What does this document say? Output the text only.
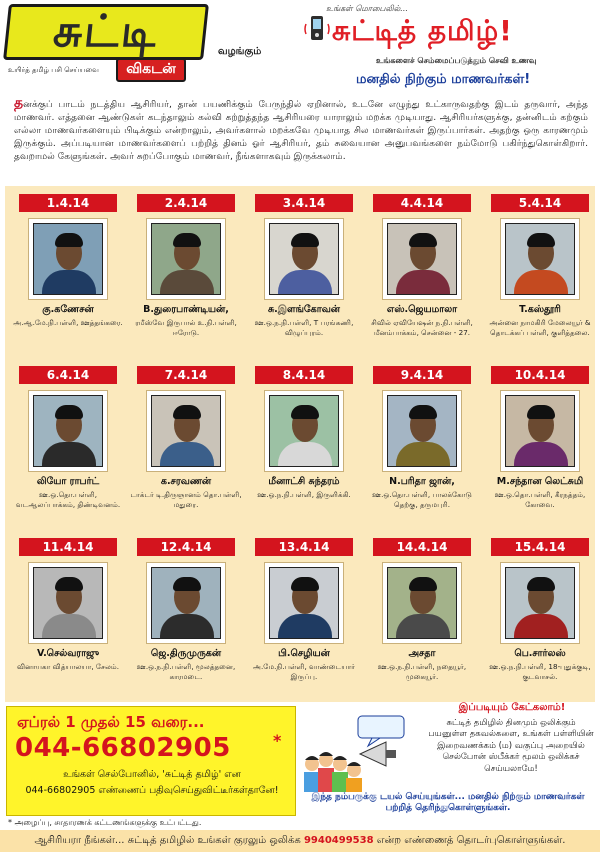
சுட்டி
உயிர்த் தமிழ் பசி செய்யவை	விகடன்
வழங்கும்
உங்கள் மொபைலில்...
சுட்டித் தமிழ்!
உங்களைச் செம்மைப்படுத்தும் செவி உணவு
மனதில் நிற்கும் மாணவர்கள்!
தனக்குப் பாடம் நடத்திய ஆசிரியர், தான் பயணிக்கும் பேருந்தில் ஏறினால், உடனே எழுந்து உட்காருவதற்கு இடம் தருவார், அந்த மாணவர். எத்தனை ஆண்டுகள் கடந்தாலும் கல்வி கற்றுத்தந்த ஆசிரியரை யாராலும் மறக்க முடியாது. ஆசிரியர்களுக்கு, தன்னிடம் கற்கும் எல்லா மாணவர்களையும் பிடிக்கும் என்றாலும், அவர்களால் மறக்கவே முடியாத சில மாணவர்கள் இருப்பார்கள். அதற்கு ஒரு காரணமும் இருக்கும். அப்படியான மாணவர்களைப் பற்றித் தினம் ஓர் ஆசிரியர், தம் சுவையான அனுபவங்களை நம்மோடு பகிர்ந்துகொள்கிறார். தவறாமல் கேளுங்கள். அவர் சுறப்போகும் மாணவர், நீங்களாகவும் இருக்கலாம்.
1.4.14
கு.கணேசன்
அ.ஆ.மே.நி.பள்ளி, ஊத்தங்கரை.
2.4.14
B.துரைபாண்டியன்,
ரமீஸ்வே இருபால் உ.நி.பள்ளி, ஈரோடு.
3.4.14
சு.இளங்கோவன்
ஊ.ஒ.ந.நி.பள்ளி, T பரங்கணி, விழுப்புரம்.
4.4.14
எஸ்.ஜெயமாலா
சிவில் ஏவியேஷன் ந.நி.பள்ளி, மீனம்பாக்கம், சென்னை - 27.
5.4.14
T.கஸ்தூரி
அன்னை நாமகிரி மேலையூர் & தொடக்கப் பள்ளி, குளித்தலை.
6.4.14
லியோ ராபர்ட்
ஊ.ஒ.தொ.பள்ளி, வடஆலப்பாக்கம், திண்டிவனம்.
7.4.14
க.சரவணன்
டாக்டர் டி.திருஞானம் தொ.பள்ளி, மதுரை.
8.4.14
மீனாட்சி சுந்தரம்
ஊ.ஒ.ந.நி.பள்ளி, இருளிக்கி.
9.4.14
N.பரிதா ஜான்,
ஊ.ஒ.தொ.பள்ளி, பாலக்கோடு தெற்கு, தருமபுரி.
10.4.14
M.சந்தான லெட்சுமி
ஊ.ஒ.தொ.பள்ளி, கீரநத்தம், கோவை.
11.4.14
V.செல்வராஜு
வினாயகா வித்யாலயா, சேலம்.
12.4.14
ஜெ.திருமுருகன்
ஊ.ஒ.ந.நி.பள்ளி, மூலத்தனை, காரமடை.
13.4.14
பி.செழியன்
அ.மே.நி.பள்ளி, வாண்டையார் இருப்பு.
14.4.14
அசதா
ஊ.ஒ.ந.நி.பள்ளி, நதையூர், முகையூர்.
15.4.14
பெ.சார்லஸ்
ஊ.ஒ.ந.நி.பள்ளி, 18-புதுக்குடி, குடவாசல்.
ஏப்ரல் 1 முதல் 15 வரை...
044-66802905	*
உங்கள் செல்போனில், 'சுட்டித் தமிழ்' என
044-66802905 எண்ணைப் பதிவுசெய்துவிட்டீர்கள்தானே!
இப்படியும் கேட்கலாம்!
சுட்டித் தமிழில் தினமும் ஒலிக்கும் பயனுள்ள தகவல்களை, உங்கள் பள்ளியின் இறைவணக்கம் (ம) வகுப்பு அறையில் செல்போன் ஸ்பீக்கர் மூலம் ஒலிக்கச் செய்யலாமே!
இந்த நம்பருக்கு டயல் செய்யுங்கள்... மனதில் நிற்கும் மாணவர்கள் பற்றித் தெரிந்துகொள்ளுங்கள்.
* அழைப்பு, சாதாரணக் கட்டணங்களுக்கு உட்பட்டது.
ஆசிரியரா நீங்கள்... சுட்டித் தமிழில் உங்கள் குரலும் ஒலிக்க 9940499538 என்ற எண்ணைத் தொடர்புகொள்ளுங்கள்.
